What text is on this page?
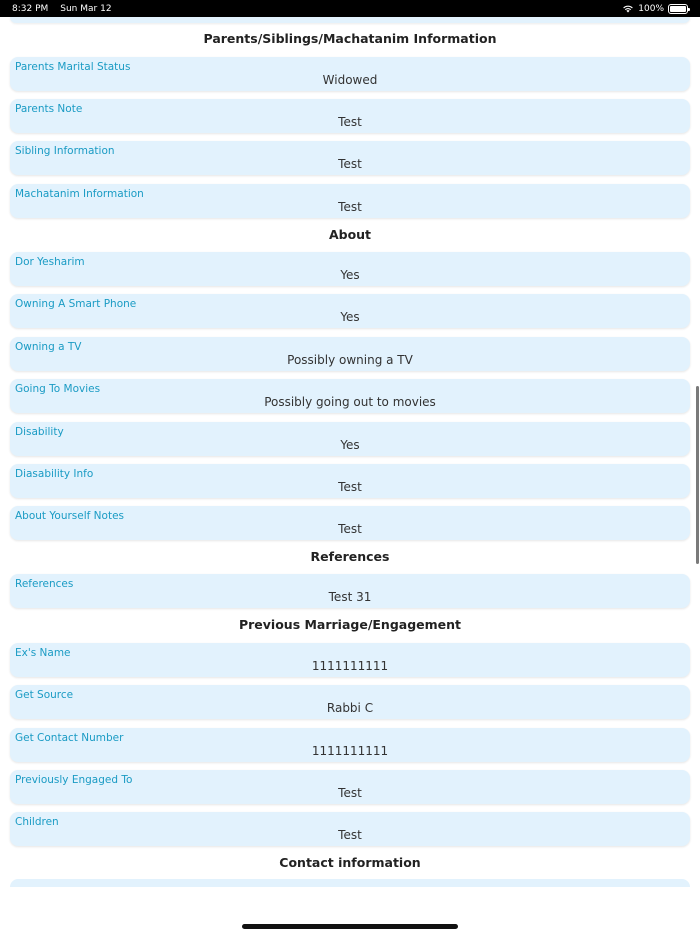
8:32 PM Sun Mar 12	100%
Parents/Siblings/Machatanim Information
Parents Marital Status
Widowed
Parents Note
Test
Sibling Information
Test
Machatanim Information
Test
About
Dor Yesharim
Yes
Owning A Smart Phone
Yes
Owning a TV
Possibly owning a TV
Going To Movies
Possibly going out to movies
Disability
Yes
Diasability Info
Test
About Yourself Notes
Test
References
References
Test 31
Previous Marriage/Engagement
Ex's Name
1111111111
Get Source
Rabbi C
Get Contact Number
1111111111
Previously Engaged To
Test
Children
Test
Contact information
